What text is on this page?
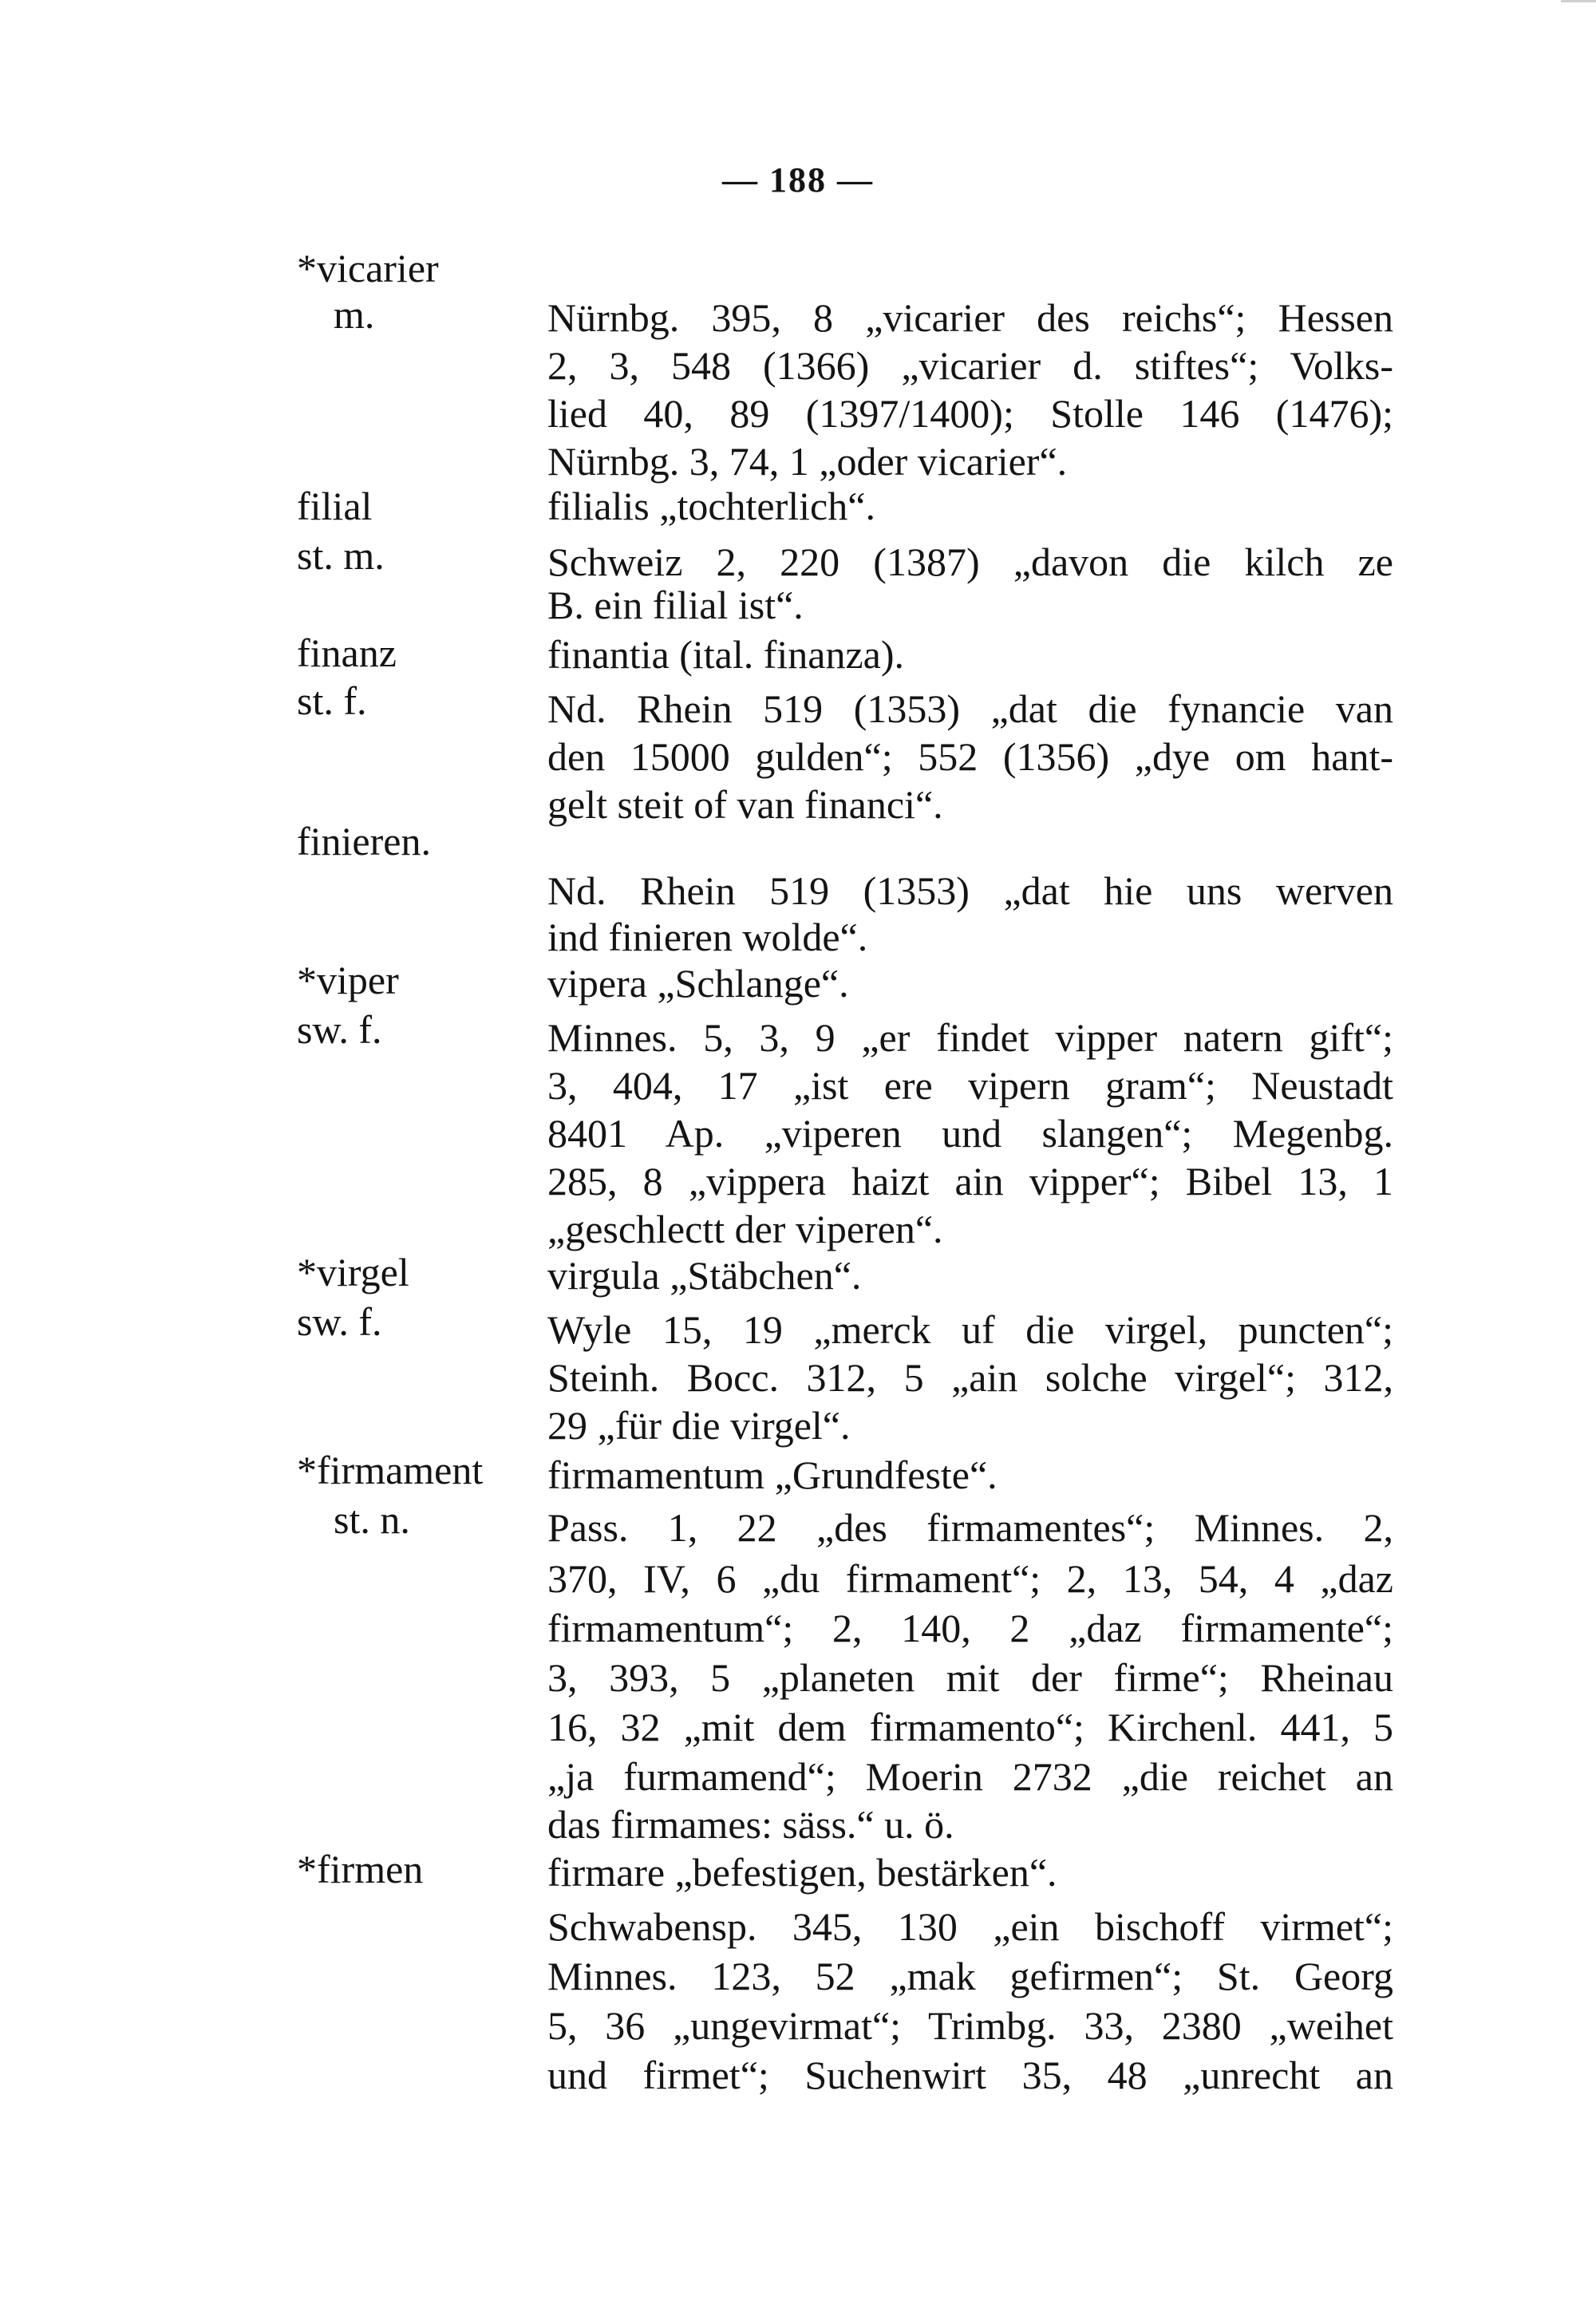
— 188 —
*vicarier
m.	Nürnbg. 395, 8 „vicarier des reichs“; Hessen
2, 3, 548 (1366) „vicarier d. stiftes“; Volks-
lied 40, 89 (1397/1400); Stolle 146 (1476);
Nürnbg. 3, 74, 1 „oder vicarier“.
filial
st. m.
filialis „tochterlich“.
Schweiz 2, 220 (1387) „davon die kilch ze
B. ein filial ist“.
finanz
st. f.
finantia (ital. finanza).
Nd. Rhein 519 (1353) „dat die fynancie van
den 15000 gulden“; 552 (1356) „dye om hant-
gelt steit of van financi“.
finieren.
Nd. Rhein 519 (1353) „dat hie uns werven
ind finieren wolde“.
*viper
sw. f.
vipera „Schlange“.
Minnes. 5, 3, 9 „er findet vipper natern gift“;
3, 404, 17 „ist ere vipern gram“; Neustadt
8401 Ap. „viperen und slangen“; Megenbg.
285, 8 „vippera haizt ain vipper“; Bibel 13, 1
„geschlectt der viperen“.
*virgel
sw. f.
virgula „Stäbchen“.
Wyle 15, 19 „merck uf die virgel, puncten“;
Steinh. Bocc. 312, 5 „ain solche virgel“; 312,
29 „für die virgel“.
*firmament
st. n.
firmamentum „Grundfeste“.
Pass. 1, 22 „des firmamentes“; Minnes. 2,
370, IV, 6 „du firmament“; 2, 13, 54, 4 „daz
firmamentum“; 2, 140, 2 „daz firmamente“;
3, 393, 5 „planeten mit der firme“; Rheinau
16, 32 „mit dem firmamento“; Kirchenl. 441, 5
„ja furmamend“; Moerin 2732 „die reichet an
das firmames: säss.“ u. ö.
*firmen	firmare „befestigen, bestärken“.
Schwabensp. 345, 130 „ein bischoff virmet“;
Minnes. 123, 52 „mak gefirmen“; St. Georg
5, 36 „ungevirmat“; Trimbg. 33, 2380 „weihet
und firmet“; Suchenwirt 35, 48 „unrecht an
